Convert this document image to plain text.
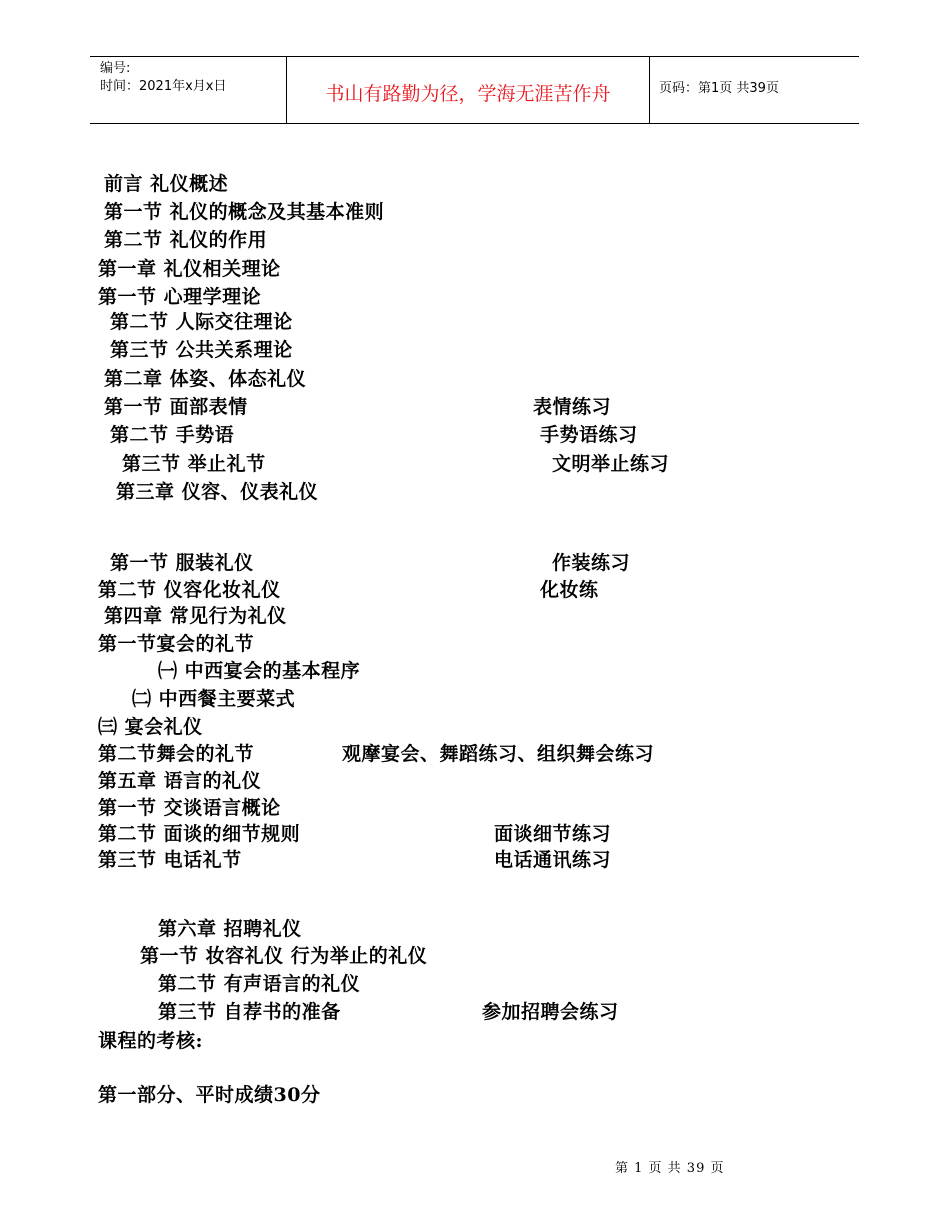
编号:
时间：2021年x月x日	书山有路勤为径，学海无涯苦作舟	页码：第1页 共39页
前言 礼仪概述
第一节 礼仪的概念及其基本准则
第二节 礼仪的作用
第一章 礼仪相关理论
第一节 心理学理论
第二节 人际交往理论
第三节 公共关系理论
第二章 体姿、体态礼仪
第一节 面部表情	表情练习
第二节 手势语	手势语练习
第三节 举止礼节	文明举止练习
第三章 仪容、仪表礼仪
第一节 服装礼仪	作装练习
第二节 仪容化妆礼仪	化妆练
第四章 常见行为礼仪
第一节宴会的礼节
㈠ 中西宴会的基本程序
㈡ 中西餐主要菜式
㈢ 宴会礼仪
第二节舞会的礼节	观摩宴会、舞蹈练习、组织舞会练习
第五章 语言的礼仪
第一节 交谈语言概论
第二节 面谈的细节规则	面谈细节练习
第三节 电话礼节	电话通讯练习
第六章 招聘礼仪
第一节 妆容礼仪 行为举止的礼仪
第二节 有声语言的礼仪
第三节 自荐书的准备	参加招聘会练习
课程的考核:
第一部分、平时成绩30分
第 1 页 共 39 页
